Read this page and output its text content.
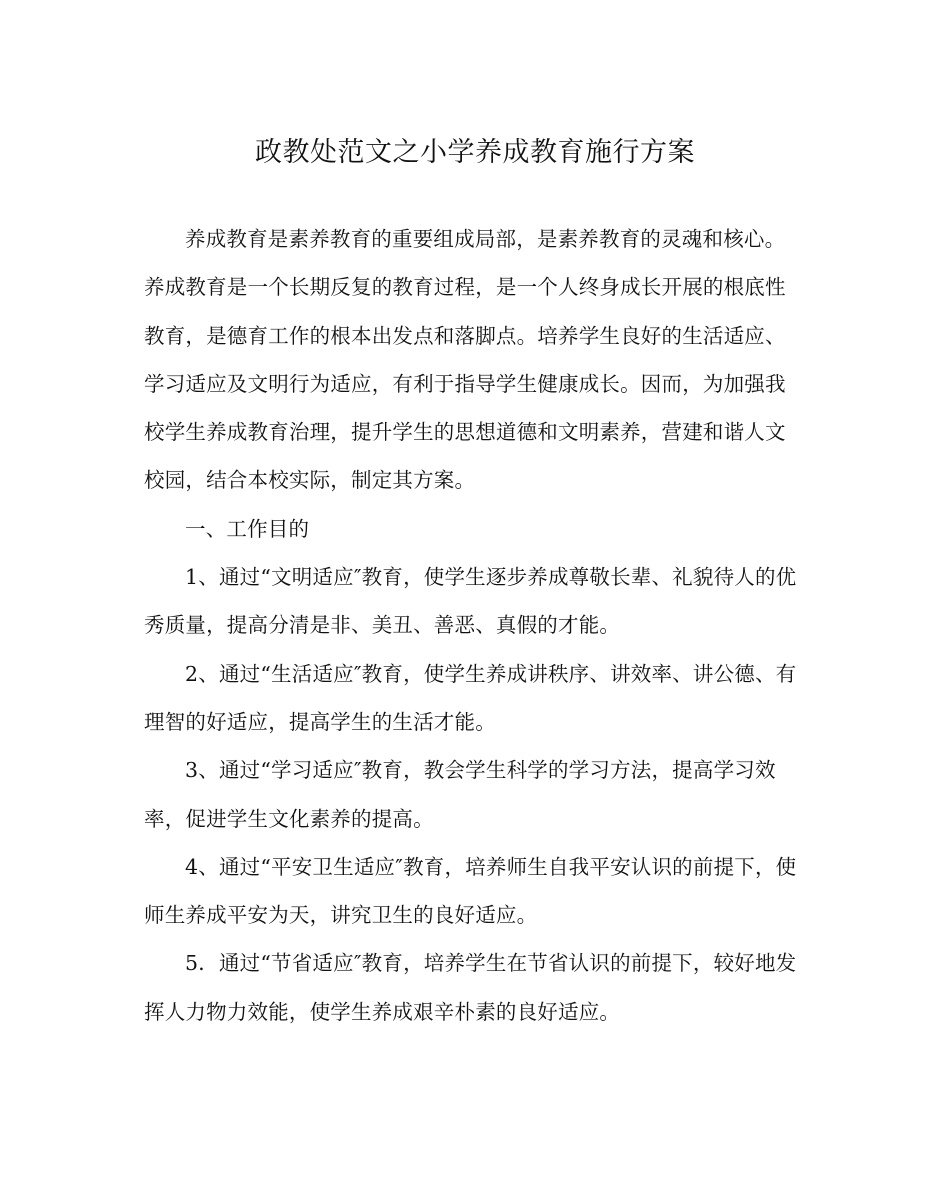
政教处范文之小学养成教育施行方案

养成教育是素养教育的重要组成局部，是素养教育的灵魂和核心。养成教育是一个长期反复的教育过程，是一个人终身成长开展的根底性教育，是德育工作的根本出发点和落脚点。培养学生良好的生活适应、学习适应及文明行为适应，有利于指导学生健康成长。因而，为加强我校学生养成教育治理，提升学生的思想道德和文明素养，营建和谐人文校园，结合本校实际，制定其方案。

一、工作目的

1、通过“文明适应″教育，使学生逐步养成尊敬长辈、礼貌待人的优秀质量，提高分清是非、美丑、善恶、真假的才能。

2、通过“生活适应″教育，使学生养成讲秩序、讲效率、讲公德、有理智的好适应，提高学生的生活才能。

3、通过“学习适应″教育，教会学生科学的学习方法，提高学习效率，促进学生文化素养的提高。

4、通过“平安卫生适应″教育，培养师生自我平安认识的前提下，使师生养成平安为天，讲究卫生的良好适应。

5．通过“节省适应″教育，培养学生在节省认识的前提下，较好地发挥人力物力效能，使学生养成艰辛朴素的良好适应。
